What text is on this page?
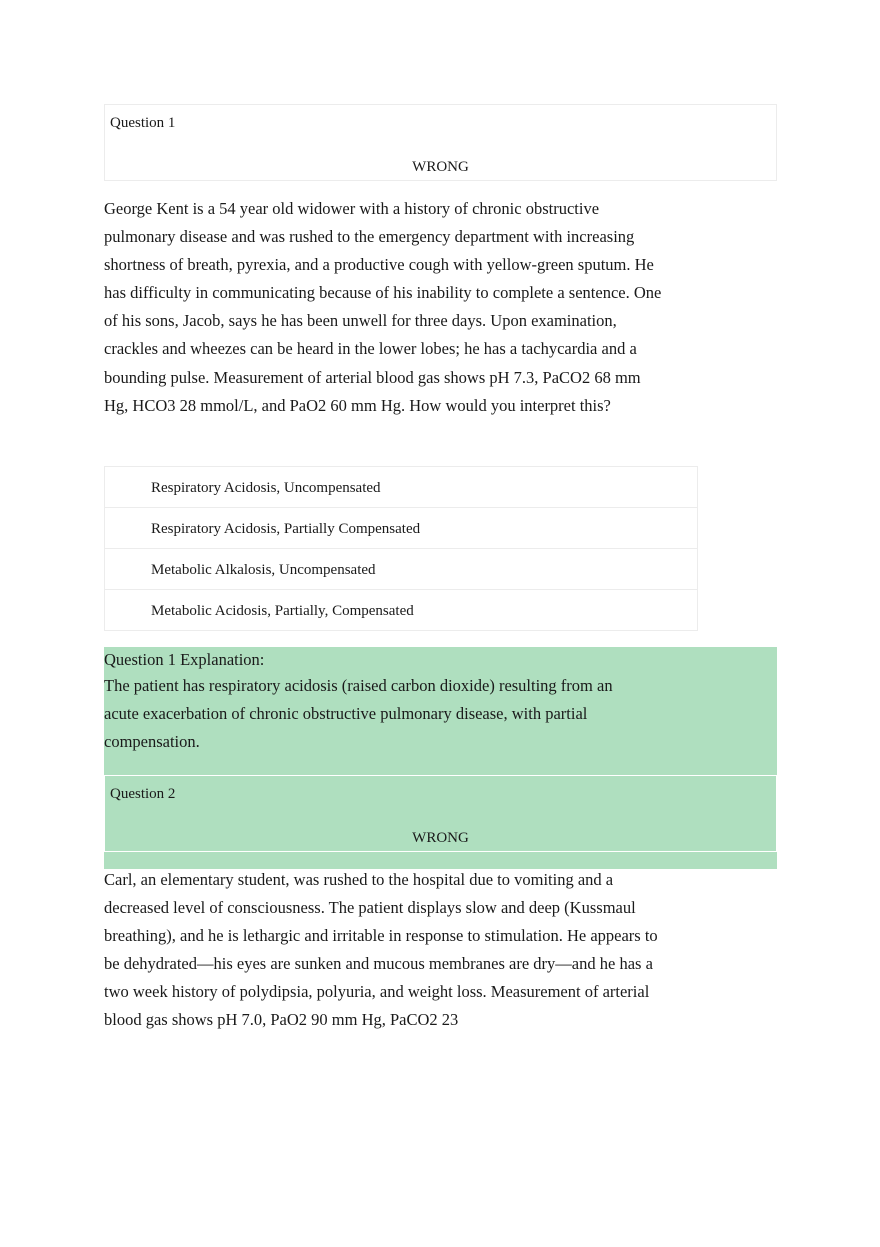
Question 1
WRONG

George Kent is a 54 year old widower with a history of chronic obstructive pulmonary disease and was rushed to the emergency department with increasing shortness of breath, pyrexia, and a productive cough with yellow-green sputum. He has difficulty in communicating because of his inability to complete a sentence. One of his sons, Jacob, says he has been unwell for three days. Upon examination, crackles and wheezes can be heard in the lower lobes; he has a tachycardia and a bounding pulse. Measurement of arterial blood gas shows pH 7.3, PaCO2 68 mm Hg, HCO3 28 mmol/L, and PaO2 60 mm Hg. How would you interpret this?

Respiratory Acidosis, Uncompensated
Respiratory Acidosis, Partially Compensated
Metabolic Alkalosis, Uncompensated
Metabolic Acidosis, Partially, Compensated
Question 1 Explanation:
The patient has respiratory acidosis (raised carbon dioxide) resulting from an acute exacerbation of chronic obstructive pulmonary disease, with partial compensation.
Question 2
WRONG

Carl, an elementary student, was rushed to the hospital due to vomiting and a decreased level of consciousness. The patient displays slow and deep (Kussmaul breathing), and he is lethargic and irritable in response to stimulation. He appears to be dehydrated—his eyes are sunken and mucous membranes are dry—and he has a two week history of polydipsia, polyuria, and weight loss. Measurement of arterial blood gas shows pH 7.0, PaO2 90 mm Hg, PaCO2 23
